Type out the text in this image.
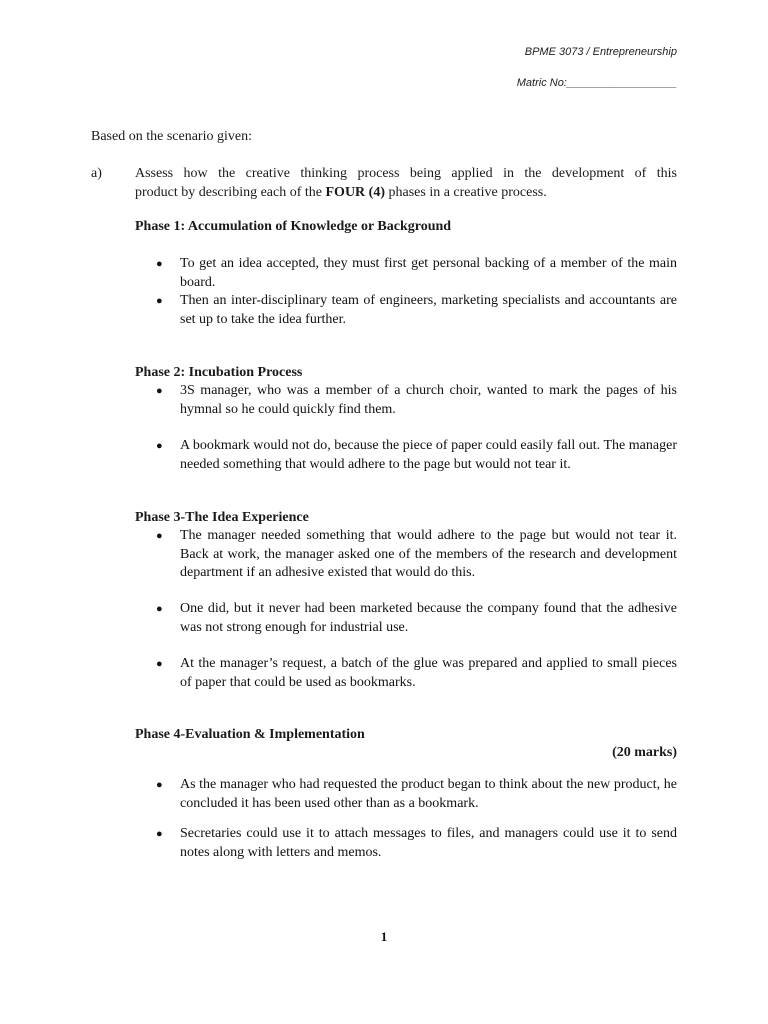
BPME 3073 / Entrepreneurship
Matric No:__________________
Based on the scenario given:
a) Assess how the creative thinking process being applied in the development of this
product by describing each of the FOUR (4) phases in a creative process.
Phase 1: Accumulation of Knowledge or Background
● To get an idea accepted, they must first get personal backing of a member of the main board.
● Then an inter-disciplinary team of engineers, marketing specialists and accountants are set up to take the idea further.
Phase 2: Incubation Process
● 3S manager, who was a member of a church choir, wanted to mark the pages of his hymnal so he could quickly find them.
● A bookmark would not do, because the piece of paper could easily fall out. The manager needed something that would adhere to the page but would not tear it.
Phase 3-The Idea Experience
● The manager needed something that would adhere to the page but would not tear it. Back at work, the manager asked one of the members of the research and development department if an adhesive existed that would do this.
● One did, but it never had been marketed because the company found that the adhesive was not strong enough for industrial use.
● At the manager’s request, a batch of the glue was prepared and applied to small pieces of paper that could be used as bookmarks.
Phase 4-Evaluation & Implementation
(20 marks)
● As the manager who had requested the product began to think about the new product, he concluded it has been used other than as a bookmark.
● Secretaries could use it to attach messages to files, and managers could use it to send notes along with letters and memos.
1
